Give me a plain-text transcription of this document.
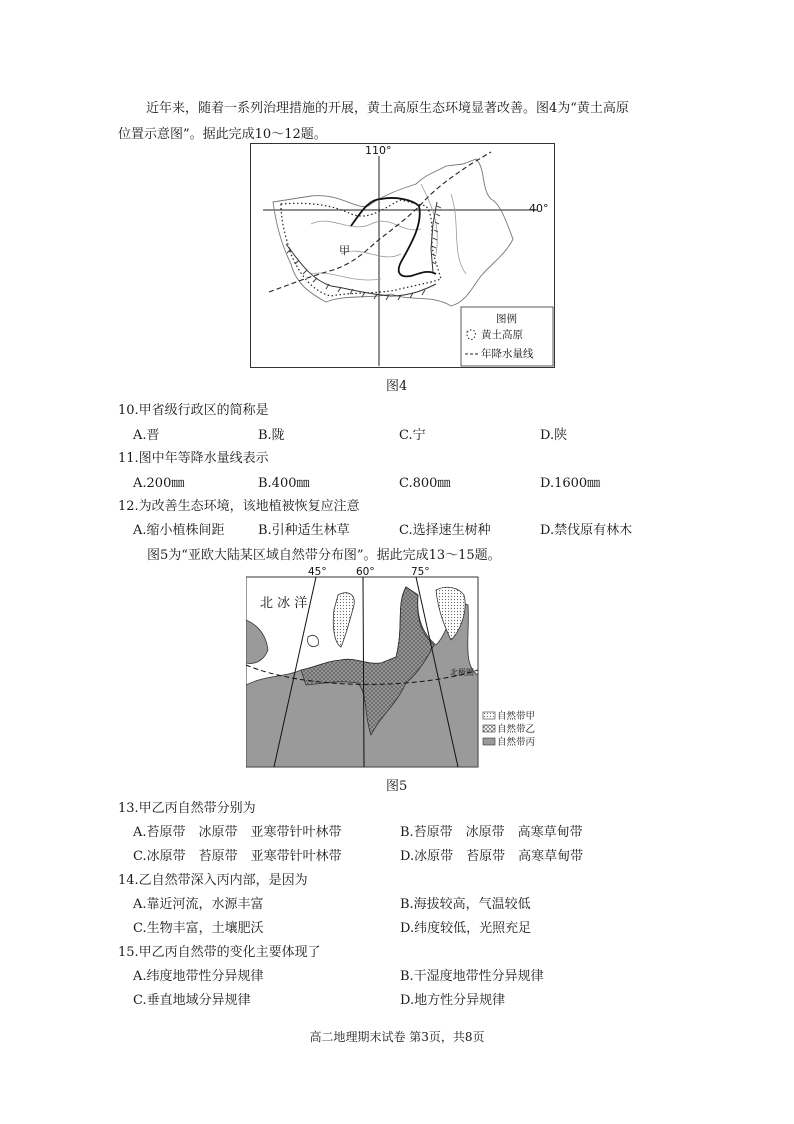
近年来，随着一系列治理措施的开展，黄土高原生态环境显著改善。图4为“黄土高原
位置示意图”。据此完成10～12题。
甲
110°
40°
图例
黄土高原
年降水量线
图4
10.甲省级行政区的简称是
A.晋	B.陇	C.宁	D.陕
11.图中年等降水量线表示
A.200㎜	B.400㎜	C.800㎜	D.1600㎜
12.为改善生态环境，该地植被恢复应注意
A.缩小植株间距	B.引种适生林草	C.选择速生树种	D.禁伐原有林木
图5为“亚欧大陆某区域自然带分布图”。据此完成13～15题。
45°	60°	75°
北 冰 洋
北极圈
自然带甲
自然带乙
自然带丙
图5
13.甲乙丙自然带分别为
A.苔原带　冰原带　亚寒带针叶林带	B.苔原带　冰原带　高寒草甸带
C.冰原带　苔原带　亚寒带针叶林带	D.冰原带　苔原带　高寒草甸带
14.乙自然带深入丙内部，是因为
A.靠近河流，水源丰富	B.海拔较高，气温较低
C.生物丰富，土壤肥沃	D.纬度较低，光照充足
15.甲乙丙自然带的变化主要体现了
A.纬度地带性分异规律	B.干湿度地带性分异规律
C.垂直地域分异规律	D.地方性分异规律
高二地理期末试卷 第3页，共8页
